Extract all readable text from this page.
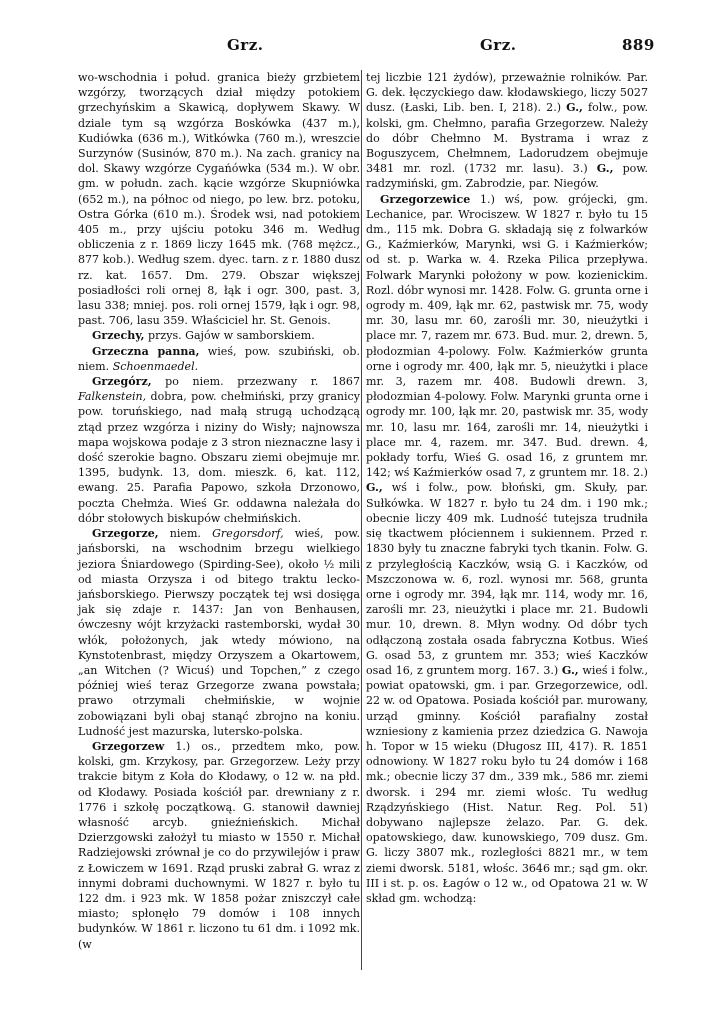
Grz.	Grz.	889

wo-wschodnia i połud. granica bieży grzbietem wzgórzy, tworzących dział między potokiem grzechyńskim a Skawicą, dopływem Skawy. W dziale tym są wzgórza Boskówka (437 m.), Kudiówka (636 m.), Witkówka (760 m.), wreszcie Surzynów (Susinów, 870 m.). Na zach. granicy na dol. Skawy wzgórze Cygańówka (534 m.). W obr. gm. w połudn. zach. kącie wzgórze Skupniówka (652 m.), na północ od niego, po lew. brz. potoku, Ostra Górka (610 m.). Środek wsi, nad potokiem 405 m., przy ujściu potoku 346 m. Według obliczenia z r. 1869 liczy 1645 mk. (768 mężcz., 877 kob.). Według szem. dyec. tarn. z r. 1880 dusz rz. kat. 1657. Dm. 279. Obszar większej posiadłości roli ornej 8, łąk i ogr. 300, past. 3, lasu 338; mniej. pos. roli ornej 1579, łąk i ogr. 98, past. 706, lasu 359. Właściciel hr. St. Genois.

Grzechy, przys. Gajów w samborskiem.

Grzeczna panna, wieś, pow. szubiński, ob. niem. Schoenmaedel.

Grzegórz, po niem. przezwany r. 1867 Falkenstein, dobra, pow. chełmiński, przy granicy pow. toruńskiego, nad małą strugą uchodzącą ztąd przez wzgórza i niziny do Wisły; najnowsza mapa wojskowa podaje z 3 stron nieznaczne lasy i dość szerokie bagno. Obszaru ziemi obejmuje mr. 1395, budynk. 13, dom. mieszk. 6, kat. 112, ewang. 25. Parafia Papowo, szkoła Drzonowo, poczta Chełmża. Wieś Gr. oddawna należała do dóbr stołowych biskupów chełmińskich.

Grzegorze, niem. Gregorsdorf, wieś, pow. jańsborski, na wschodnim brzegu wielkiego jeziora Śniardowego (Spirding-See), około ½ mili od miasta Orzysza i od bitego traktu lecko-jańsborskiego. Pierwszy początek tej wsi dosięga jak się zdaje r. 1437: Jan von Benhausen, ówczesny wójt krzyżacki rastemborski, wydał 30 włók, położonych, jak wtedy mówiono, na Kynstotenbrast, między Orzyszem a Okartowem, „an Witchen (? Wicuś) und Topchen,” z czego później wieś teraz Grzegorze zwana powstała; prawo otrzymali chełmińskie, w wojnie zobowiązani byli obaj stanąć zbrojno na koniu. Ludność jest mazurska, lutersko-polska.

Grzegorzew 1.) os., przedtem mko, pow. kolski, gm. Krzykosy, par. Grzegorzew. Leży przy trakcie bitym z Koła do Kłodawy, o 12 w. na płd. od Kłodawy. Posiada kościół par. drewniany z r. 1776 i szkołę początkową. G. stanowił dawniej własność arcyb. gnieźnieńskich. Michał Dzierzgowski założył tu miasto w 1550 r. Michał Radziejowski zrównał je co do przywilejów i praw z Łowiczem w 1691. Rząd pruski zabrał G. wraz z innymi dobrami duchownymi. W 1827 r. było tu 122 dm. i 923 mk. W 1858 pożar zniszczył całe miasto; spłonęło 79 domów i 108 innych budynków. W 1861 r. liczono tu 61 dm. i 1092 mk. (w

tej liczbie 121 żydów), przeważnie rolników. Par. G. dek. łęczyckiego daw. kłodawskiego, liczy 5027 dusz. (Łaski, Lib. ben. I, 218). 2.) G., folw., pow. kolski, gm. Chełmno, parafia Grzegorzew. Należy do dóbr Chełmno M. Bystrama i wraz z Boguszycem, Chełmnem, Ladorudzem obejmuje 3481 mr. rozl. (1732 mr. lasu). 3.) G., pow. radzymiński, gm. Zabrodzie, par. Niegów.

Grzegorzewice 1.) wś, pow. grójecki, gm. Lechanice, par. Wrociszew. W 1827 r. było tu 15 dm., 115 mk. Dobra G. składają się z folwarków G., Kaźmierków, Maryn​ki, wsi G. i Kaźmierków; od st. p. Warka w. 4. Rzeka Pilica przepływa. Folwark Marynki położony w pow. kozienickim. Rozl. dóbr wynosi mr. 1428. Folw. G. grunta orne i ogrody m. 409, łąk mr. 62, pastwisk mr. 75, wody mr. 30, lasu mr. 60, zarośli mr. 30, nieużytki i place mr. 7, razem mr. 673. Bud. mur. 2, drewn. 5, płodozmian 4-polowy. Folw. Kaźmierków grunta orne i ogrody mr. 400, łąk mr. 5, nieużytki i place mr. 3, razem mr. 408. Budowli drewn. 3, płodozmian 4-polowy. Folw. Marynki grunta orne i ogrody mr. 100, łąk mr. 20, pastwisk mr. 35, wody mr. 10, lasu mr. 164, zarośli mr. 14, nieużytki i place mr. 4, razem. mr. 347. Bud. drewn. 4, pokłady torfu, Wieś G. osad 16, z gruntem mr. 142; wś Kaźmierków osad 7, z gruntem mr. 18. 2.) G., wś i folw., pow. błoński, gm. Skuły, par. Sułkówka. W 1827 r. było tu 24 dm. i 190 mk.; obecnie liczy 409 mk. Ludność tutejsza trudniła się tkactwem płóciennem i sukiennem. Przed r. 1830 były tu znaczne fabryki tych tkanin. Folw. G. z przyległością Kaczków, wsią G. i Kaczków, od Mszczonowa w. 6, rozl. wynosi mr. 568, grunta orne i ogrody mr. 394, łąk mr. 114, wody mr. 16, zarośli mr. 23, nieużytki i place mr. 21. Budowli mur. 10, drewn. 8. Młyn wodny. Od dóbr tych odłączoną została osada fabryczna Kotbus. Wieś G. osad 53, z gruntem mr. 353; wieś Kaczków osad 16, z gruntem morg. 167. 3.) G., wieś i folw., powiat opatowski, gm. i par. Grzegorzewice, odl. 22 w. od Opatowa. Posiada kościół par. murowany, urząd gminny. Kościół parafialny został wzniesiony z kamienia przez dziedzica G. Nawoja h. Topor w 15 wieku (Długosz III, 417). R. 1851 odnowiony. W 1827 roku było tu 24 domów i 168 mk.; obecnie liczy 37 dm., 339 mk., 586 mr. ziemi dworsk. i 294 mr. ziemi włośc. Tu według Rządzyńskiego (Hist. Natur. Reg. Pol. 51) dobywano najlepsze żelazo. Par. G. dek. opatowskiego, daw. kunowskiego, 709 dusz. Gm. G. liczy 3807 mk., rozległości 8821 mr., w tem ziemi dworsk. 5181, włośc. 3646 mr.; sąd gm. okr. III i st. p. os. Łagów o 12 w., od Opatowa 21 w. W skład gm. wchodzą:
